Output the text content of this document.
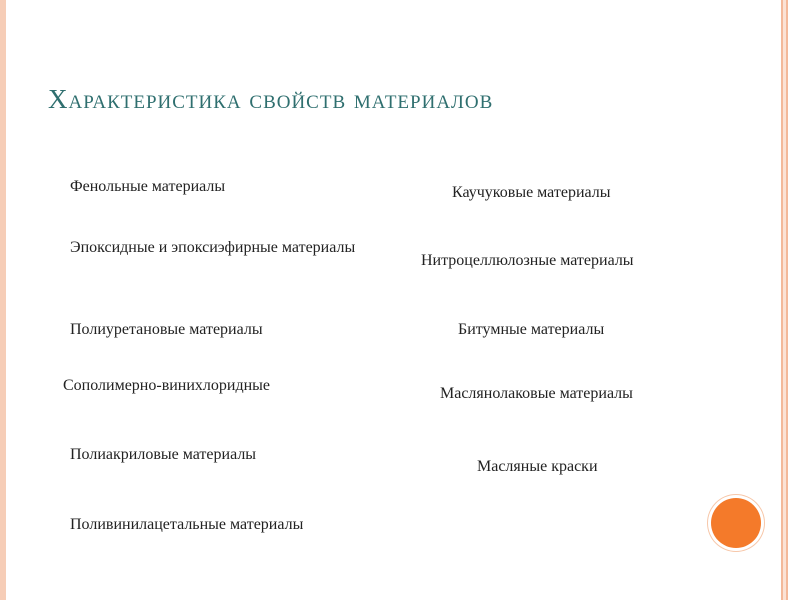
Характеристика свойств материалов
Фенольные материалы
Эпоксидные и эпоксиэфирные материалы
Полиуретановые материалы
Сополимерно-винихлоридные
Полиакриловые материалы
Поливинилацетальные материалы
Каучуковые материалы
Нитроцеллюлозные материалы
Битумные материалы
Маслянолаковые материалы
Масляные краски
